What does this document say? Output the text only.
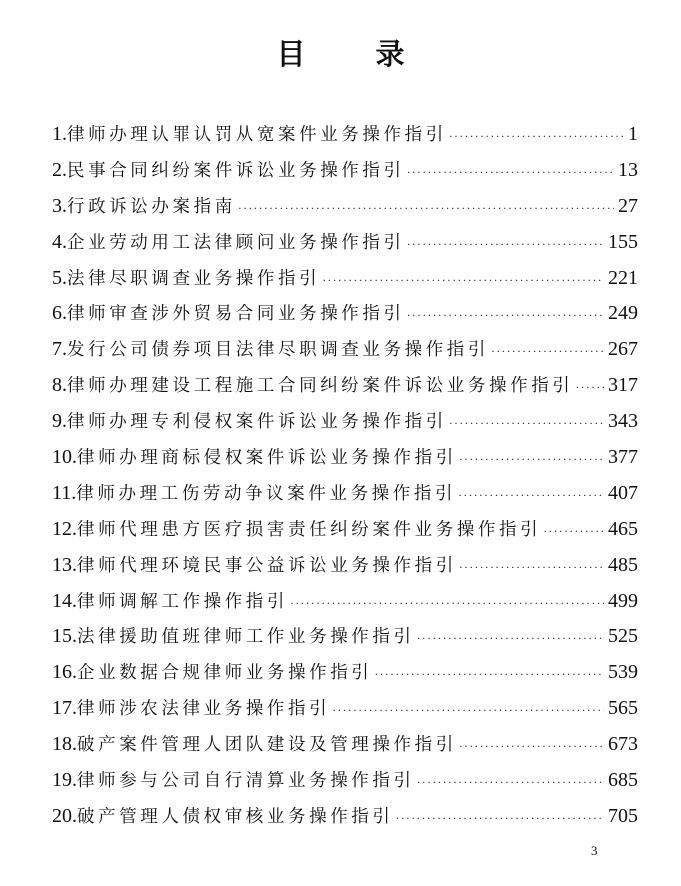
目 录
1. 律师办理认罪认罚从宽案件业务操作指引 ·····	1
2. 民事合同纠纷案件诉讼业务操作指引 ·····	13
3. 行政诉讼办案指南 ·····	27
4. 企业劳动用工法律顾问业务操作指引 ·····	155
5. 法律尽职调查业务操作指引 ·····	221
6. 律师审查涉外贸易合同业务操作指引 ·····	249
7. 发行公司债券项目法律尽职调查业务操作指引 ·····	267
8. 律师办理建设工程施工合同纠纷案件诉讼业务操作指引 ····· 317
9. 律师办理专利侵权案件诉讼业务操作指引 ·····	343
10. 律师办理商标侵权案件诉讼业务操作指引 ·····	377
11. 律师办理工伤劳动争议案件业务操作指引 ·····	407
12. 律师代理患方医疗损害责任纠纷案件业务操作指引 ·····	465
13. 律师代理环境民事公益诉讼业务操作指引 ·····	485
14. 律师调解工作操作指引 ·····	499
15. 法律援助值班律师工作业务操作指引 ·····	525
16. 企业数据合规律师业务操作指引 ·····	539
17. 律师涉农法律业务操作指引 ·····	565
18. 破产案件管理人团队建设及管理操作指引 ·····	673
19. 律师参与公司自行清算业务操作指引 ·····	685
20. 破产管理人债权审核业务操作指引 ·····	705
3
